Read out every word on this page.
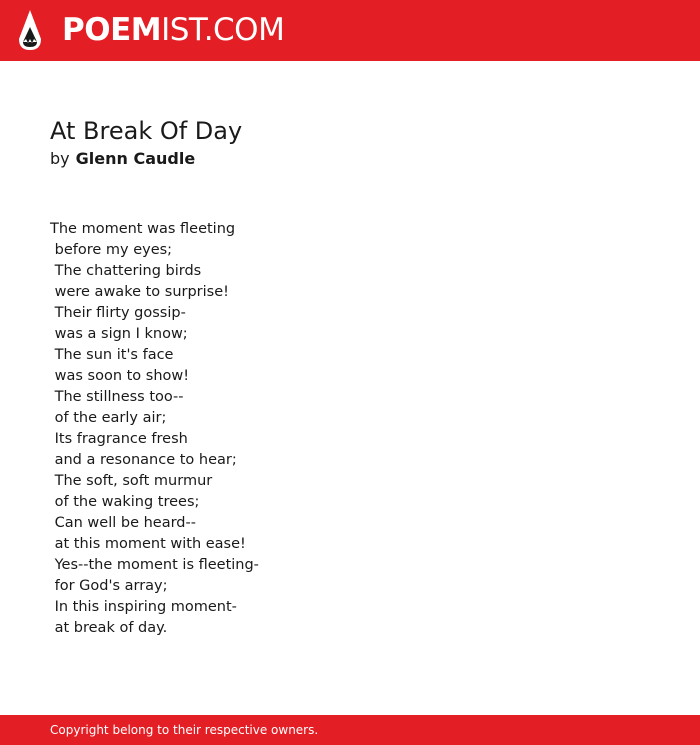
POEMIST.COM
At Break Of Day
by Glenn Caudle
The moment was fleeting
before my eyes;
The chattering birds
were awake to surprise!
Their flirty gossip-
was a sign I know;
The sun it's face
was soon to show!
The stillness too--
of the early air;
Its fragrance fresh
and a resonance to hear;
The soft, soft murmur
of the waking trees;
Can well be heard--
at this moment with ease!
Yes--the moment is fleeting-
for God's array;
In this inspiring moment-
at break of day.
Copyright belong to their respective owners.
